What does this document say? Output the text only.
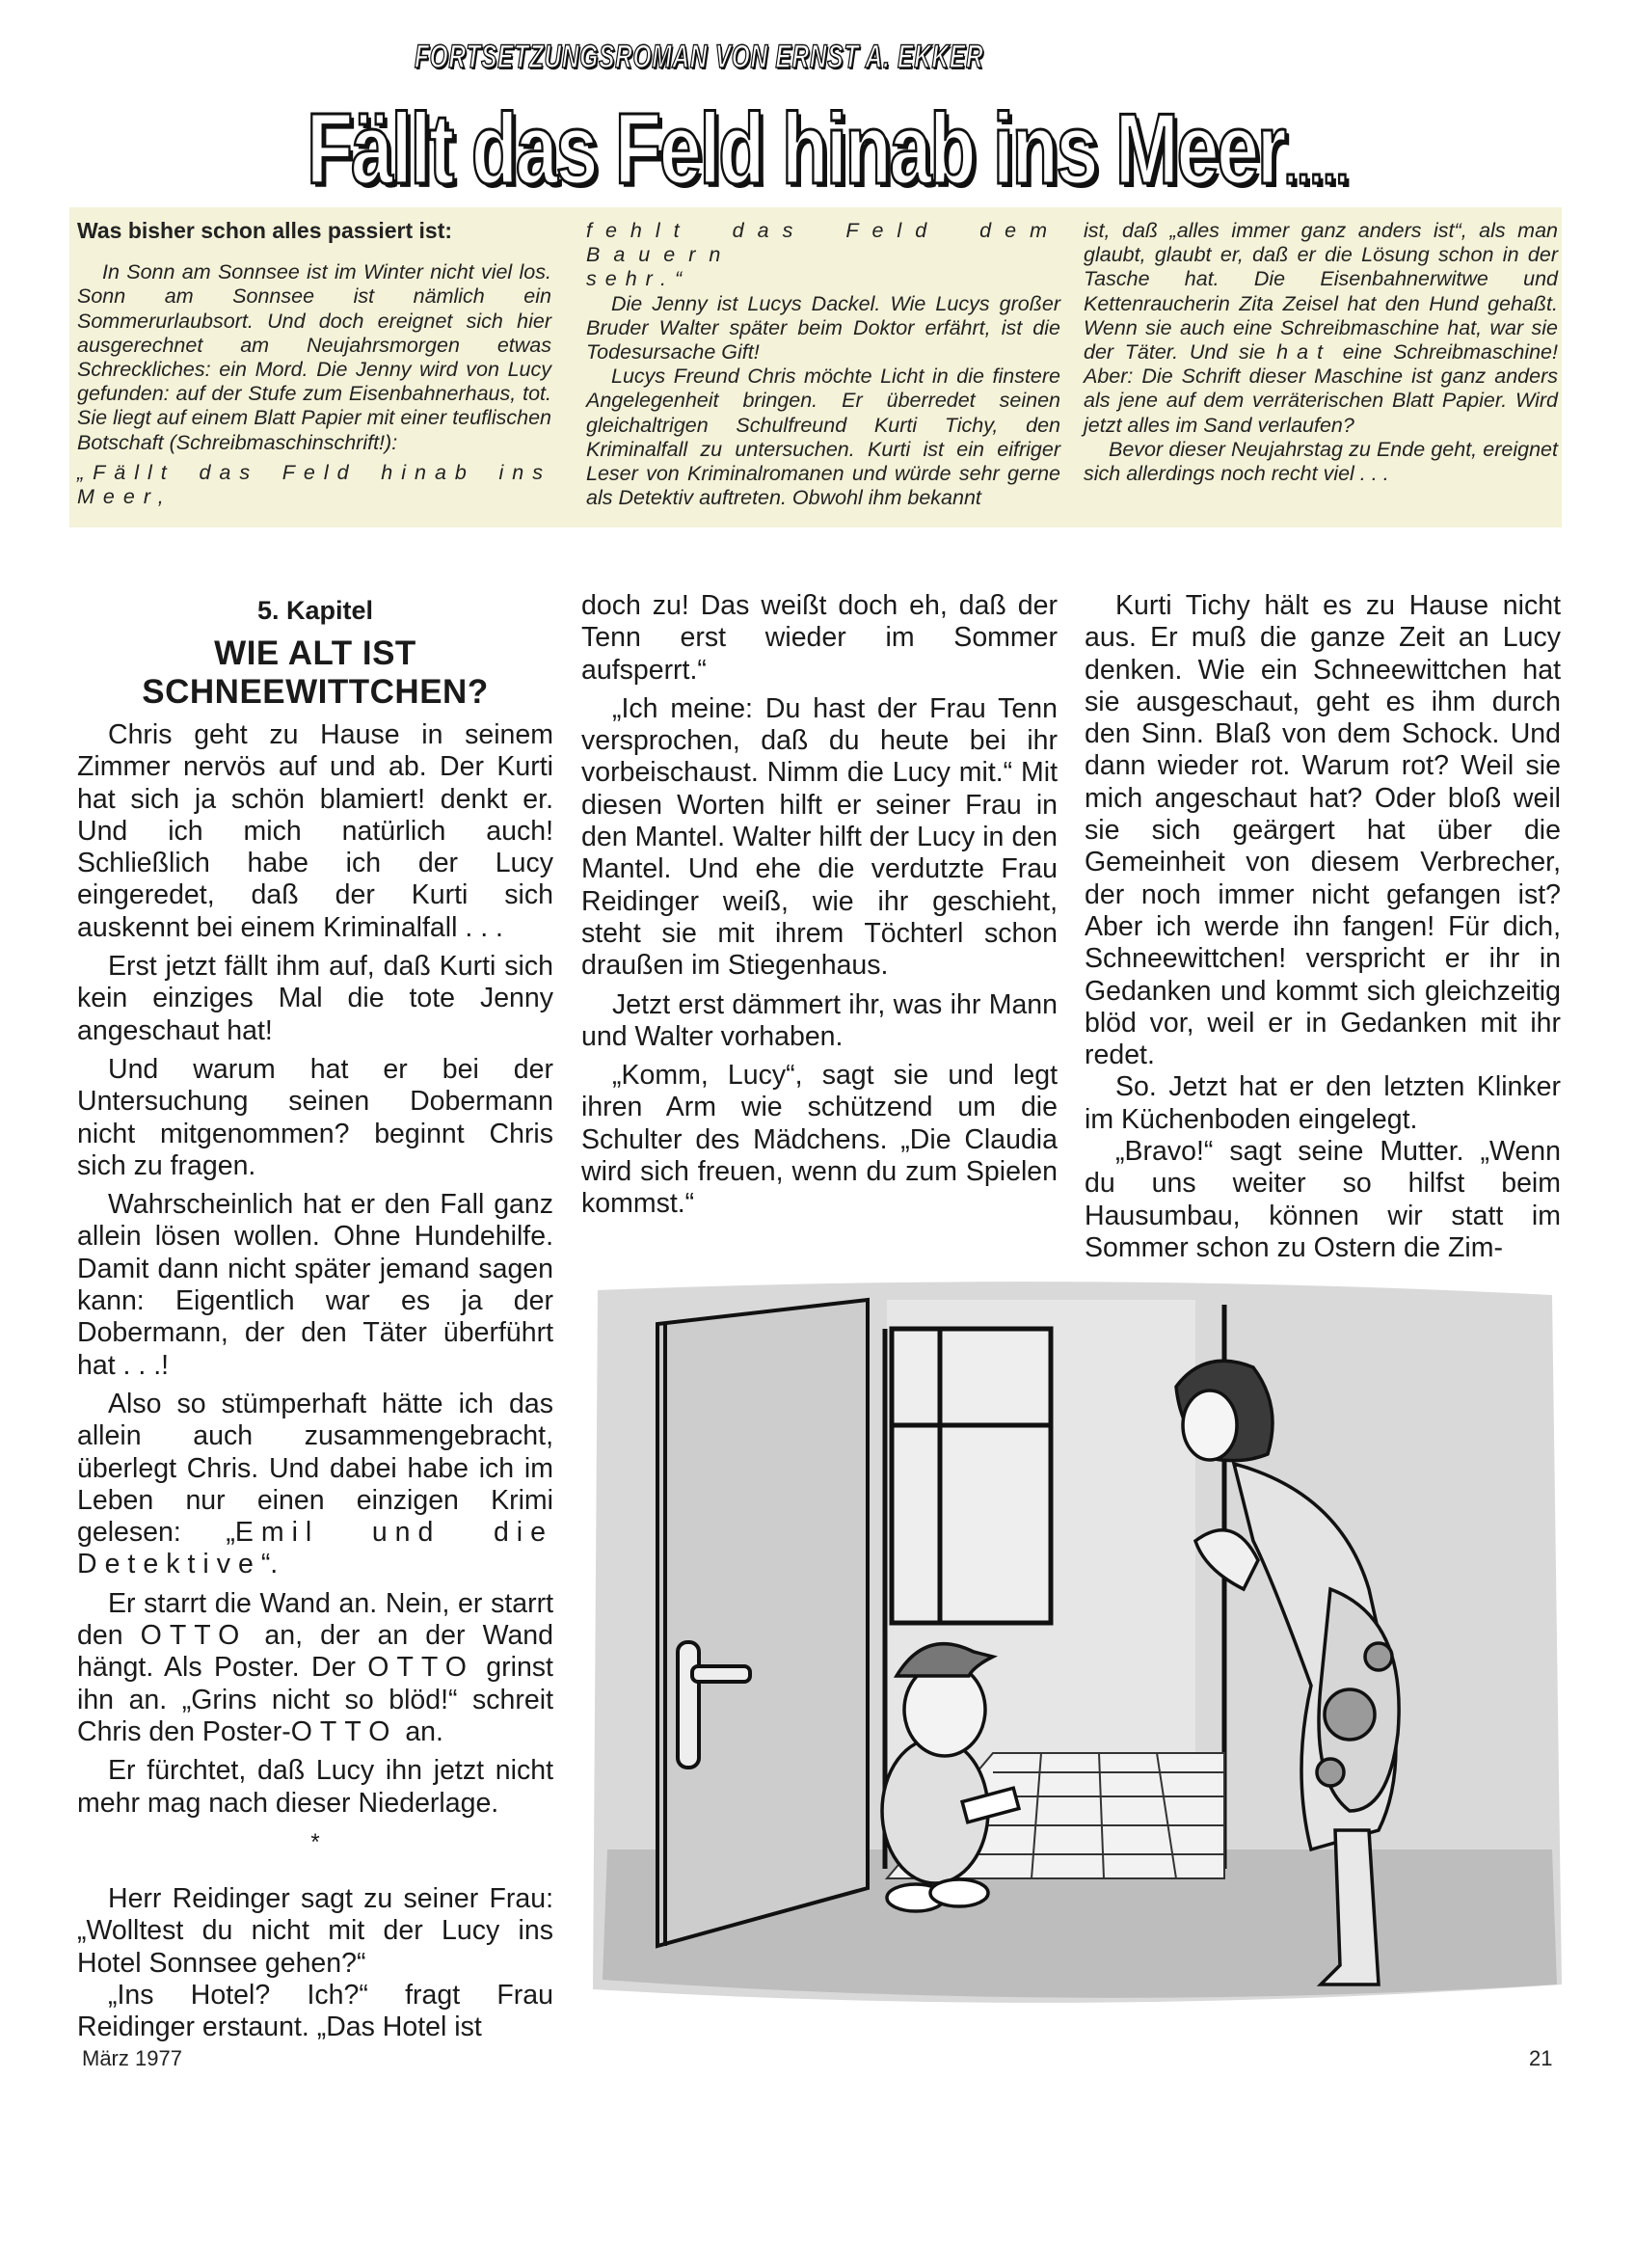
FORTSETZUNGSROMAN VON ERNST A. EKKER
Fällt das Feld hinab ins Meer.....
Was bisher schon alles passiert ist:

In Sonn am Sonnsee ist im Winter nicht viel los. Sonn am Sonnsee ist nämlich ein Sommerurlaubsort. Und doch ereignet sich hier ausgerechnet am Neujahrsmorgen etwas Schreckliches: ein Mord. Die Jenny wird von Lucy gefunden: auf der Stufe zum Eisenbahnerhaus, tot. Sie liegt auf einem Blatt Papier mit einer teuflischen Botschaft (Schreibmaschinschrift!):

„Fällt das Feld hinab ins Meer,

fehlt das Feld dem Bauern

sehr.“

Die Jenny ist Lucys Dackel. Wie Lucys großer Bruder Walter später beim Doktor erfährt, ist die Todesursache Gift!

Lucys Freund Chris möchte Licht in die finstere Angelegenheit bringen. Er überredet seinen gleichaltrigen Schulfreund Kurti Tichy, den Kriminalfall zu untersuchen. Kurti ist ein eifriger Leser von Kriminalromanen und würde sehr gerne als Detektiv auftreten. Obwohl ihm bekannt

ist, daß „alles immer ganz anders ist“, als man glaubt, glaubt er, daß er die Lösung schon in der Tasche hat. Die Eisenbahnerwitwe und Kettenraucherin Zita Zeisel hat den Hund gehaßt. Wenn sie auch eine Schreibmaschine hat, war sie der Täter. Und sie hat eine Schreibmaschine! Aber: Die Schrift dieser Maschine ist ganz anders als jene auf dem verräterischen Blatt Papier. Wird jetzt alles im Sand verlaufen?

Bevor dieser Neujahrstag zu Ende geht, ereignet sich allerdings noch recht viel . . .

5. Kapitel
WIE ALT IST
SCHNEEWITTCHEN?

Chris geht zu Hause in seinem Zimmer nervös auf und ab. Der Kurti hat sich ja schön blamiert! denkt er. Und ich mich natürlich auch! Schließlich habe ich der Lucy eingeredet, daß der Kurti sich auskennt bei einem Kriminalfall . . .

Erst jetzt fällt ihm auf, daß Kurti sich kein einziges Mal die tote Jenny angeschaut hat!

Und warum hat er bei der Untersuchung seinen Dobermann nicht mitgenommen? beginnt Chris sich zu fragen.

Wahrscheinlich hat er den Fall ganz allein lösen wollen. Ohne Hundehilfe. Damit dann nicht später jemand sagen kann: Eigentlich war es ja der Dobermann, der den Täter überführt hat . . .!

Also so stümperhaft hätte ich das allein auch zusammengebracht, überlegt Chris. Und dabei habe ich im Leben nur einen einzigen Krimi gelesen: „Emil und die Detektive“.

Er starrt die Wand an. Nein, er starrt den OTTO an, der an der Wand hängt. Als Poster. Der OTTO grinst ihn an. „Grins nicht so blöd!“ schreit Chris den Poster-OTTO an.

Er fürchtet, daß Lucy ihn jetzt nicht mehr mag nach dieser Niederlage.

*

Herr Reidinger sagt zu seiner Frau: „Wolltest du nicht mit der Lucy ins Hotel Sonnsee gehen?“

„Ins Hotel? Ich?“ fragt Frau Reidinger erstaunt. „Das Hotel ist

doch zu! Das weißt doch eh, daß der Tenn erst wieder im Sommer aufsperrt.“

„Ich meine: Du hast der Frau Tenn versprochen, daß du heute bei ihr vorbeischaust. Nimm die Lucy mit.“ Mit diesen Worten hilft er seiner Frau in den Mantel. Walter hilft der Lucy in den Mantel. Und ehe die verdutzte Frau Reidinger weiß, wie ihr geschieht, steht sie mit ihrem Töchterl schon draußen im Stiegenhaus.

Jetzt erst dämmert ihr, was ihr Mann und Walter vorhaben.

„Komm, Lucy“, sagt sie und legt ihren Arm wie schützend um die Schulter des Mädchens. „Die Claudia wird sich freuen, wenn du zum Spielen kommst.“

Kurti Tichy hält es zu Hause nicht aus. Er muß die ganze Zeit an Lucy denken. Wie ein Schneewittchen hat sie ausgeschaut, geht es ihm durch den Sinn. Blaß von dem Schock. Und dann wieder rot. Warum rot? Weil sie mich angeschaut hat? Oder bloß weil sie sich geärgert hat über die Gemeinheit von diesem Verbrecher, der noch immer nicht gefangen ist? Aber ich werde ihn fangen! Für dich, Schneewittchen! verspricht er ihr in Gedanken und kommt sich gleichzeitig blöd vor, weil er in Gedanken mit ihr redet.

So. Jetzt hat er den letzten Klinker im Küchenboden eingelegt.

„Bravo!“ sagt seine Mutter. „Wenn du uns weiter so hilfst beim Hausumbau, können wir statt im Sommer schon zu Ostern die Zim-

März 1977	21
